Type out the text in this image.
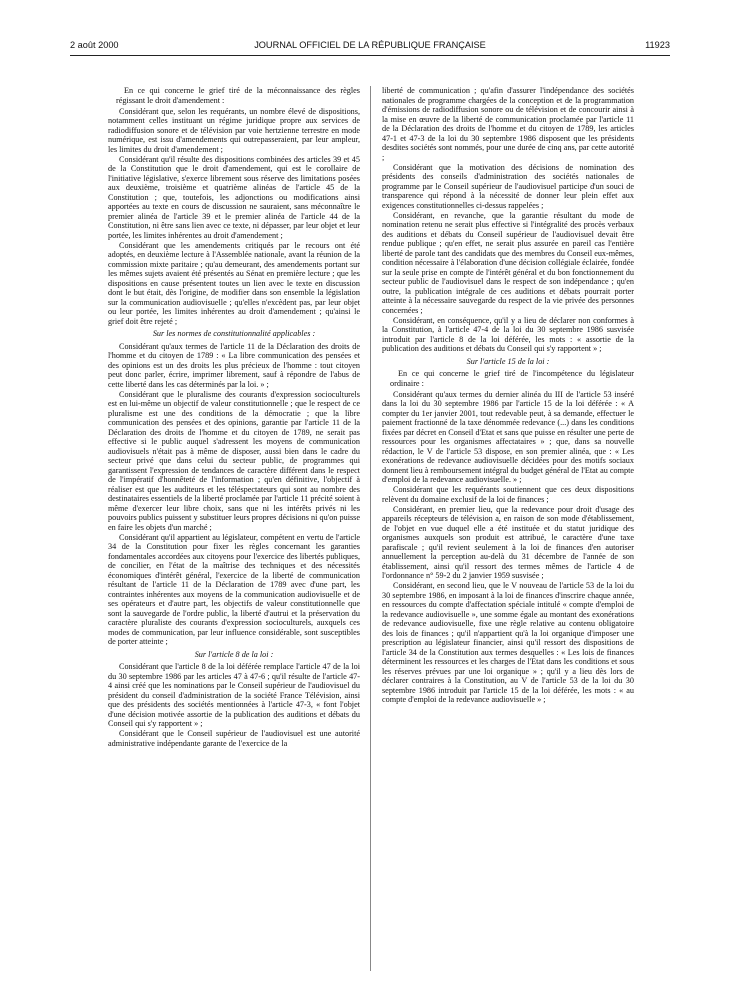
2 août 2000	JOURNAL OFFICIEL DE LA RÉPUBLIQUE FRANÇAISE	11923

En ce qui concerne le grief tiré de la méconnaissance des règles régissant le droit d'amendement :

Considérant que, selon les requérants, un nombre élevé de dispositions, notamment celles instituant un régime juridique propre aux services de radiodiffusion sonore et de télévision par voie hertzienne terrestre en mode numérique, est issu d'amendements qui outrepasseraient, par leur ampleur, les limites du droit d'amendement ;

Considérant qu'il résulte des dispositions combinées des articles 39 et 45 de la Constitution que le droit d'amendement, qui est le corollaire de l'initiative législative, s'exerce librement sous réserve des limitations posées aux deuxième, troisième et quatrième alinéas de l'article 45 de la Constitution ; que, toutefois, les adjonctions ou modifications ainsi apportées au texte en cours de discussion ne sauraient, sans méconnaître le premier alinéa de l'article 39 et le premier alinéa de l'article 44 de la Constitution, ni être sans lien avec ce texte, ni dépasser, par leur objet et leur portée, les limites inhérentes au droit d'amendement ;

Considérant que les amendements critiqués par le recours ont été adoptés, en deuxième lecture à l'Assemblée nationale, avant la réunion de la commission mixte paritaire ; qu'au demeurant, des amendements portant sur les mêmes sujets avaient été présentés au Sénat en première lecture ; que les dispositions en cause présentent toutes un lien avec le texte en discussion dont le but était, dès l'origine, de modifier dans son ensemble la législation sur la communication audiovisuelle ; qu'elles n'excèdent pas, par leur objet ou leur portée, les limites inhérentes au droit d'amendement ; qu'ainsi le grief doit être rejeté ;

Sur les normes de constitutionnalité applicables :

Considérant qu'aux termes de l'article 11 de la Déclaration des droits de l'homme et du citoyen de 1789 : « La libre communication des pensées et des opinions est un des droits les plus précieux de l'homme : tout citoyen peut donc parler, écrire, imprimer librement, sauf à répondre de l'abus de cette liberté dans les cas déterminés par la loi. » ;

Considérant que le pluralisme des courants d'expression socioculturels est en lui-même un objectif de valeur constitutionnelle ; que le respect de ce pluralisme est une des conditions de la démocratie ; que la libre communication des pensées et des opinions, garantie par l'article 11 de la Déclaration des droits de l'homme et du citoyen de 1789, ne serait pas effective si le public auquel s'adressent les moyens de communication audiovisuels n'était pas à même de disposer, aussi bien dans le cadre du secteur privé que dans celui du secteur public, de programmes qui garantissent l'expression de tendances de caractère différent dans le respect de l'impératif d'honnêteté de l'information ; qu'en définitive, l'objectif à réaliser est que les auditeurs et les téléspectateurs qui sont au nombre des destinataires essentiels de la liberté proclamée par l'article 11 précité soient à même d'exercer leur libre choix, sans que ni les intérêts privés ni les pouvoirs publics puissent y substituer leurs propres décisions ni qu'on puisse en faire les objets d'un marché ;

Considérant qu'il appartient au législateur, compétent en vertu de l'article 34 de la Constitution pour fixer les règles concernant les garanties fondamentales accordées aux citoyens pour l'exercice des libertés publiques, de concilier, en l'état de la maîtrise des techniques et des nécessités économiques d'intérêt général, l'exercice de la liberté de communication résultant de l'article 11 de la Déclaration de 1789 avec d'une part, les contraintes inhérentes aux moyens de la communication audiovisuelle et de ses opérateurs et d'autre part, les objectifs de valeur constitutionnelle que sont la sauvegarde de l'ordre public, la liberté d'autrui et la préservation du caractère pluraliste des courants d'expression socioculturels, auxquels ces modes de communication, par leur influence considérable, sont susceptibles de porter atteinte ;

Sur l'article 8 de la loi :

Considérant que l'article 8 de la loi déférée remplace l'article 47 de la loi du 30 septembre 1986 par les articles 47 à 47-6 ; qu'il résulte de l'article 47-4 ainsi créé que les nominations par le Conseil supérieur de l'audiovisuel du président du conseil d'administration de la société France Télévision, ainsi que des présidents des sociétés mentionnées à l'article 47-3, « font l'objet d'une décision motivée assortie de la publication des auditions et débats du Conseil qui s'y rapportent » ;

Considérant que le Conseil supérieur de l'audiovisuel est une autorité administrative indépendante garante de l'exercice de la

liberté de communication ; qu'afin d'assurer l'indépendance des sociétés nationales de programme chargées de la conception et de la programmation d'émissions de radiodiffusion sonore ou de télévision et de concourir ainsi à la mise en œuvre de la liberté de communication proclamée par l'article 11 de la Déclaration des droits de l'homme et du citoyen de 1789, les articles 47-1 et 47-3 de la loi du 30 septembre 1986 disposent que les présidents desdites sociétés sont nommés, pour une durée de cinq ans, par cette autorité ;

Considérant que la motivation des décisions de nomination des présidents des conseils d'administration des sociétés nationales de programme par le Conseil supérieur de l'audiovisuel participe d'un souci de transparence qui répond à la nécessité de donner leur plein effet aux exigences constitutionnelles ci-dessus rappelées ;

Considérant, en revanche, que la garantie résultant du mode de nomination retenu ne serait plus effective si l'intégralité des procès verbaux des auditions et débats du Conseil supérieur de l'audiovisuel devait être rendue publique ; qu'en effet, ne serait plus assurée en pareil cas l'entière liberté de parole tant des candidats que des membres du Conseil eux-mêmes, condition nécessaire à l'élaboration d'une décision collégiale éclairée, fondée sur la seule prise en compte de l'intérêt général et du bon fonctionnement du secteur public de l'audiovisuel dans le respect de son indépendance ; qu'en outre, la publication intégrale de ces auditions et débats pourrait porter atteinte à la nécessaire sauvegarde du respect de la vie privée des personnes concernées ;

Considérant, en conséquence, qu'il y a lieu de déclarer non conformes à la Constitution, à l'article 47-4 de la loi du 30 septembre 1986 susvisée introduit par l'article 8 de la loi déférée, les mots : « assortie de la publication des auditions et débats du Conseil qui s'y rapportent » ;

Sur l'article 15 de la loi :

En ce qui concerne le grief tiré de l'incompétence du législateur ordinaire :

Considérant qu'aux termes du dernier alinéa du III de l'article 53 inséré dans la loi du 30 septembre 1986 par l'article 15 de la loi déférée : « A compter du 1er janvier 2001, tout redevable peut, à sa demande, effectuer le paiement fractionné de la taxe dénommée redevance (...) dans les conditions fixées par décret en Conseil d'Etat et sans que puisse en résulter une perte de ressources pour les organismes affectataires » ; que, dans sa nouvelle rédaction, le V de l'article 53 dispose, en son premier alinéa, que : « Les exonérations de redevance audiovisuelle décidées pour des motifs sociaux donnent lieu à remboursement intégral du budget général de l'Etat au compte d'emploi de la redevance audiovisuelle. » ;

Considérant que les requérants soutiennent que ces deux dispositions relèvent du domaine exclusif de la loi de finances ;

Considérant, en premier lieu, que la redevance pour droit d'usage des appareils récepteurs de télévision a, en raison de son mode d'établissement, de l'objet en vue duquel elle a été instituée et du statut juridique des organismes auxquels son produit est attribué, le caractère d'une taxe parafiscale ; qu'il revient seulement à la loi de finances d'en autoriser annuellement la perception au-delà du 31 décembre de l'année de son établissement, ainsi qu'il ressort des termes mêmes de l'article 4 de l'ordonnance n° 59-2 du 2 janvier 1959 susvisée ;

Considérant, en second lieu, que le V nouveau de l'article 53 de la loi du 30 septembre 1986, en imposant à la loi de finances d'inscrire chaque année, en ressources du compte d'affectation spéciale intitulé « compte d'emploi de la redevance audiovisuelle », une somme égale au montant des exonérations de redevance audiovisuelle, fixe une règle relative au contenu obligatoire des lois de finances ; qu'il n'appartient qu'à la loi organique d'imposer une prescription au législateur financier, ainsi qu'il ressort des dispositions de l'article 34 de la Constitution aux termes desquelles : « Les lois de finances déterminent les ressources et les charges de l'Etat dans les conditions et sous les réserves prévues par une loi organique » ; qu'il y a lieu dès lors de déclarer contraires à la Constitution, au V de l'article 53 de la loi du 30 septembre 1986 introduit par l'article 15 de la loi déférée, les mots : « au compte d'emploi de la redevance audiovisuelle » ;
